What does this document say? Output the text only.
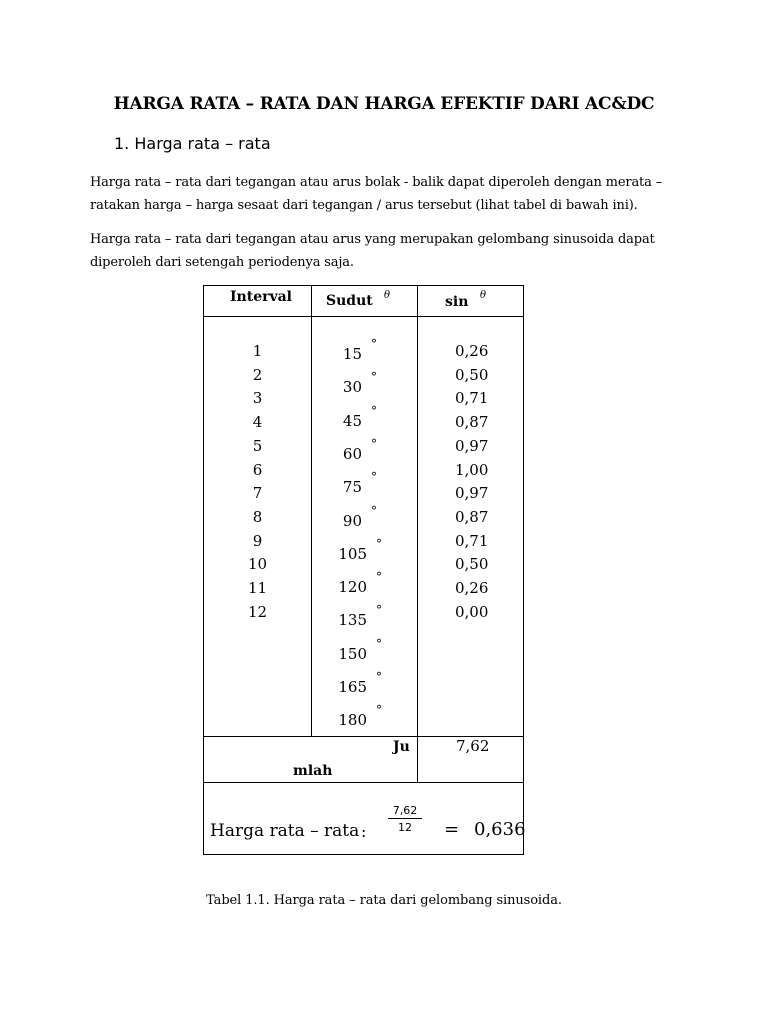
HARGA RATA – RATA DAN HARGA EFEKTIF DARI AC&DC
1. Harga rata – rata
Harga rata – rata dari tegangan atau arus bolak - balik dapat diperoleh dengan merata –
ratakan harga – harga sesaat dari tegangan / arus tersebut (lihat tabel di bawah ini).
Harga rata – rata dari tegangan atau arus yang merupakan gelombang sinusoida dapat
diperoleh dari setengah periodenya saja.
Interval Sudut θ	sin θ
1
2
3
4
5
6
7
8
9
10
11
12
15
°
30
°
45
°
60
°
75
°
90
°
105
°
120
°
135
°
150
°
165
°
180
°
0,26
0,50
0,71
0,87
0,97
1,00
0,97
0,87
0,71
0,50
0,26
0,00
Ju
mlah
7,62
Harga rata – rata : $\frac{7,62}{12} = 0,636$
Tabel 1.1. Harga rata – rata dari gelombang sinusoida.
